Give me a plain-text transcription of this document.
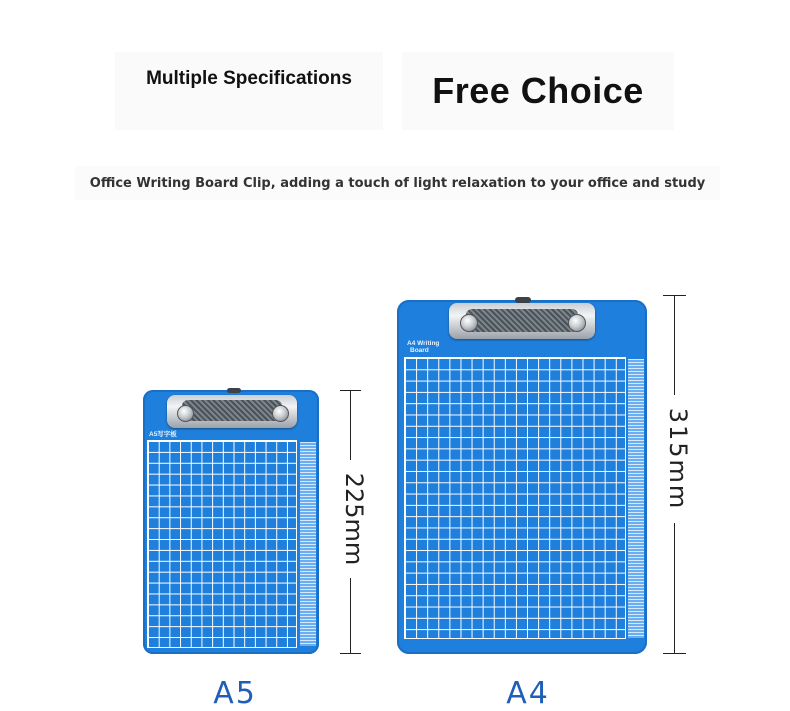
Multiple Specifications Free Choice
Office Writing Board Clip, adding a touch of light relaxation to your office and study
A5写字板
225mm
A4 Writing
Board
315mm
A5	A4
